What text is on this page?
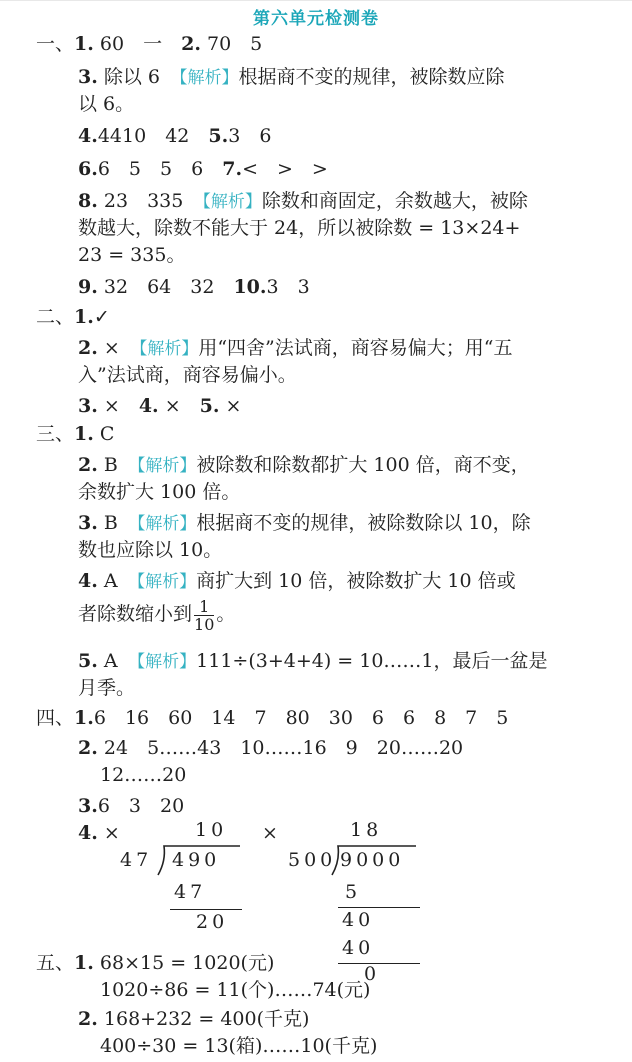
第六单元检测卷
一、1. 60　一　 2. 70　5
3. 除以 6　 【解析】根据商不变的规律，被除数应除
以 6。
4.4410　42　 5.3　6
6.6　5　5　6　 7.<　>　>
8. 23　335　 【解析】除数和商固定，余数越大，被除
数越大，除数不能大于 24，所以被除数 = 13×24+
23 = 335。
9. 32　64　32　 10.3　3
二、1.✓
2. ×　 【解析】用“四舍”法试商，商容易偏大；用“五
入”法试商，商容易偏小。
3. ×　 4. ×　 5. ×
三、1. C
2. B　 【解析】被除数和除数都扩大 100 倍，商不变，
余数扩大 100 倍。
3. B　 【解析】根据商不变的规律，被除数除以 10，除
数也应除以 10。
4. A　 【解析】商扩大到 10 倍，被除数扩大 10 倍或
者除数缩小到 $\frac{1}{10}$ 。
5. A　 【解析】111÷(3+4+4) = 10……1，最后一盆是
月季。
四、1.6　16　60　14　7　80　30　6　6　8　7　5
2. 24　5……43　10……16　9　20……20
12……20
3.6　3　20
4. ×	×
10
47 490
47
20
18
500 9000
5
40
40
0
五、1. 68×15 = 1020(元)
1020÷86 = 11(个)……74(元)
2. 168+232 = 400(千克)
400÷30 = 13(箱)……10(千克)
